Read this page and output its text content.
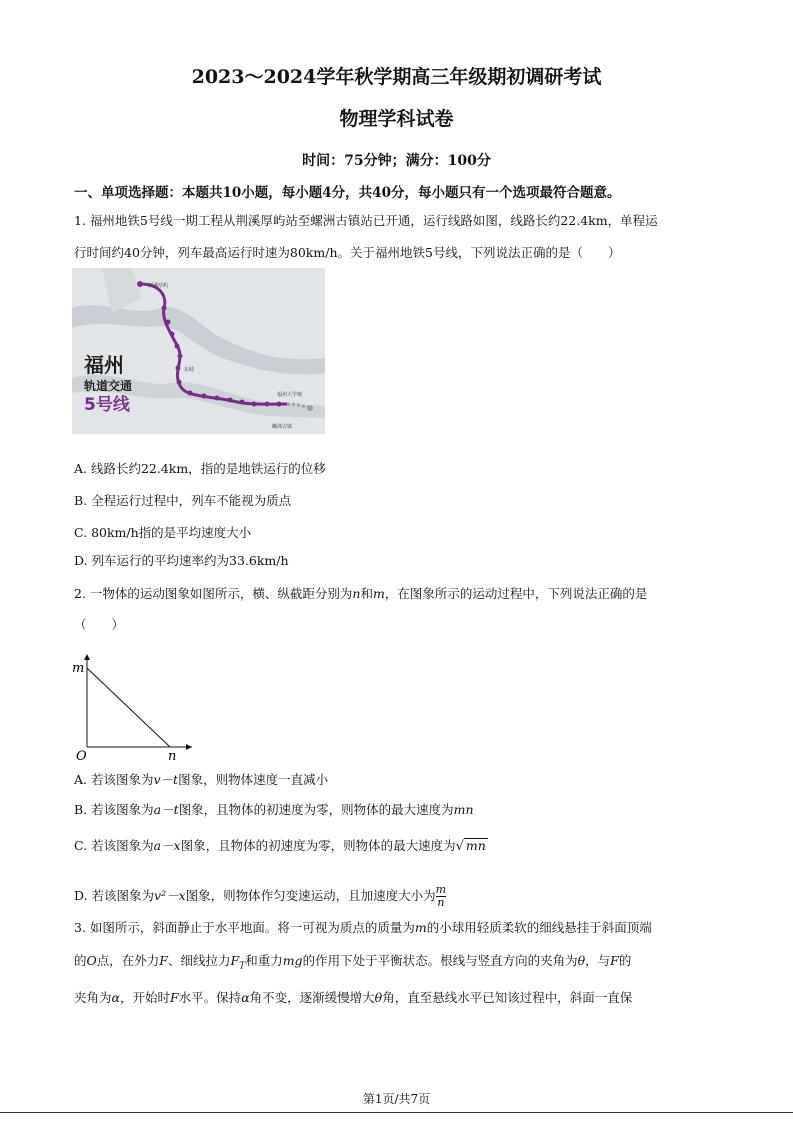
2023～2024学年秋学期高三年级期初调研考试
物理学科试卷
时间：75分钟；满分：100分
一、单项选择题：本题共10小题，每小题4分，共40分，每小题只有一个选项最符合题意。
1. 福州地铁5号线一期工程从荆溪厚屿站至螺洲古镇站已开通，运行线路如图，线路长约22.4km，单程运
行时间约40分钟，列车最高运行时速为80km/h。关于福州地铁5号线，下列说法正确的是（　　）
荆溪厚屿
东岐
福州大学城
螺洲古镇
福州
轨道交通
5号线
A. 线路长约22.4km，指的是地铁运行的位移
B. 全程运行过程中，列车不能视为质点
C. 80km/h指的是平均速度大小
D. 列车运行的平均速率约为33.6km/h
2. 一物体的运动图象如图所示，横、纵截距分别为n和m，在图象所示的运动过程中，下列说法正确的是
（　　）
m
n
O
A. 若该图象为v－t图象，则物体速度一直减小
B. 若该图象为a－t图象，且物体的初速度为零，则物体的最大速度为mn
C. 若该图象为a－x图象，且物体的初速度为零，则物体的最大速度为√ mn
D. 若该图象为v²－x图象，则物体作匀变速运动，且加速度大小为 $\frac{m}{n}$
3. 如图所示，斜面静止于水平地面。将一可视为质点的质量为m的小球用轻质柔软的细线悬挂于斜面顶端
的O点，在外力F、细线拉力$F_T$和重力mg的作用下处于平衡状态。根线与竖直方向的夹角为θ，与F的
夹角为α，开始时F水平。保持α角不变，逐渐缓慢增大θ角，直至悬线水平已知该过程中，斜面一直保
第1页/共7页
